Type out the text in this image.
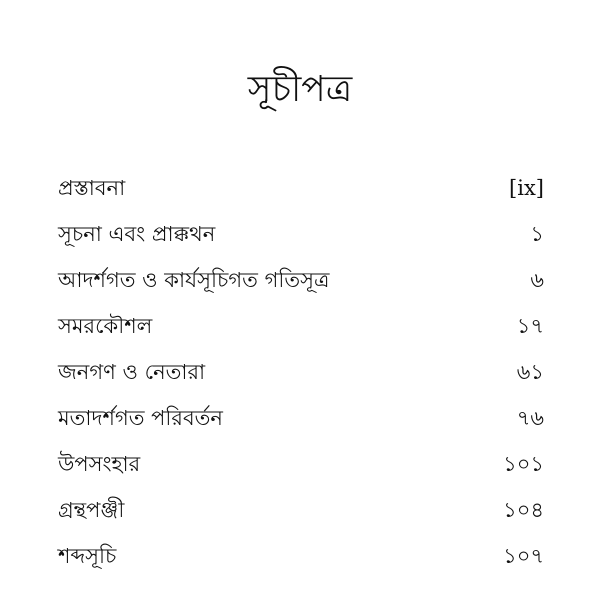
সূচীপত্র
প্রস্তাবনা	[ix]
সূচনা এবং প্রাক্কথন	১
আদর্শগত ও কার্যসূচিগত গতিসূত্র	৬
সমরকৌশল	১৭
জনগণ ও নেতারা	৬১
মতাদর্শগত পরিবর্তন	৭৬
উপসংহার	১০১
গ্রন্থপঞ্জী	১০৪
শব্দসূচি	১০৭
